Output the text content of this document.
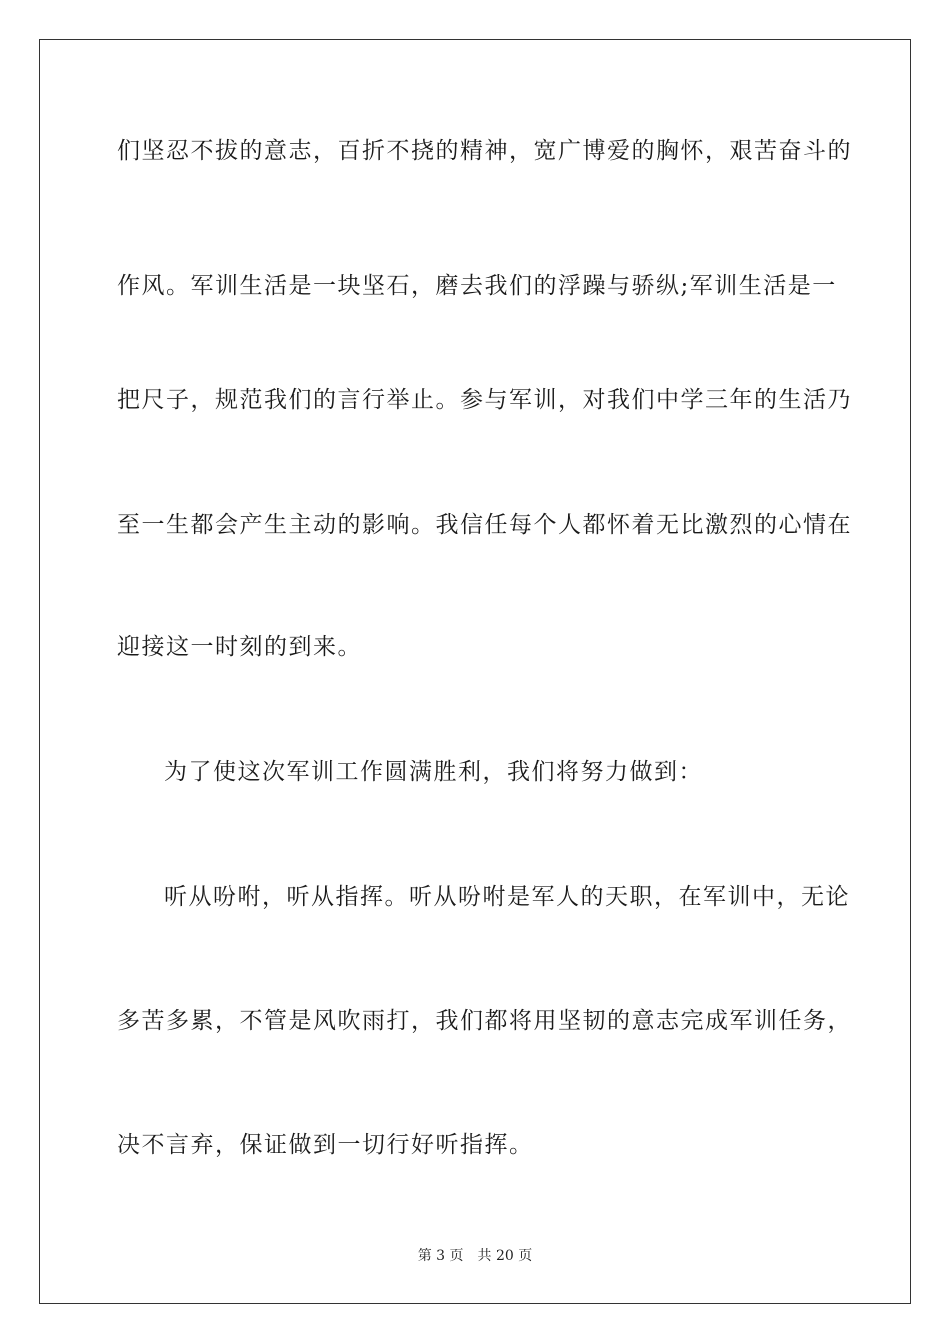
们坚忍不拔的意志，百折不挠的精神，宽广博爱的胸怀，艰苦奋斗的
作风。军训生活是一块坚石，磨去我们的浮躁与骄纵;军训生活是一
把尺子，规范我们的言行举止。参与军训，对我们中学三年的生活乃
至一生都会产生主动的影响。我信任每个人都怀着无比激烈的心情在
迎接这一时刻的到来。
为了使这次军训工作圆满胜利，我们将努力做到：
听从吩咐，听从指挥。听从吩咐是军人的天职，在军训中，无论
多苦多累，不管是风吹雨打，我们都将用坚韧的意志完成军训任务，
决不言弃，保证做到一切行好听指挥。
第 3 页 共 20 页
